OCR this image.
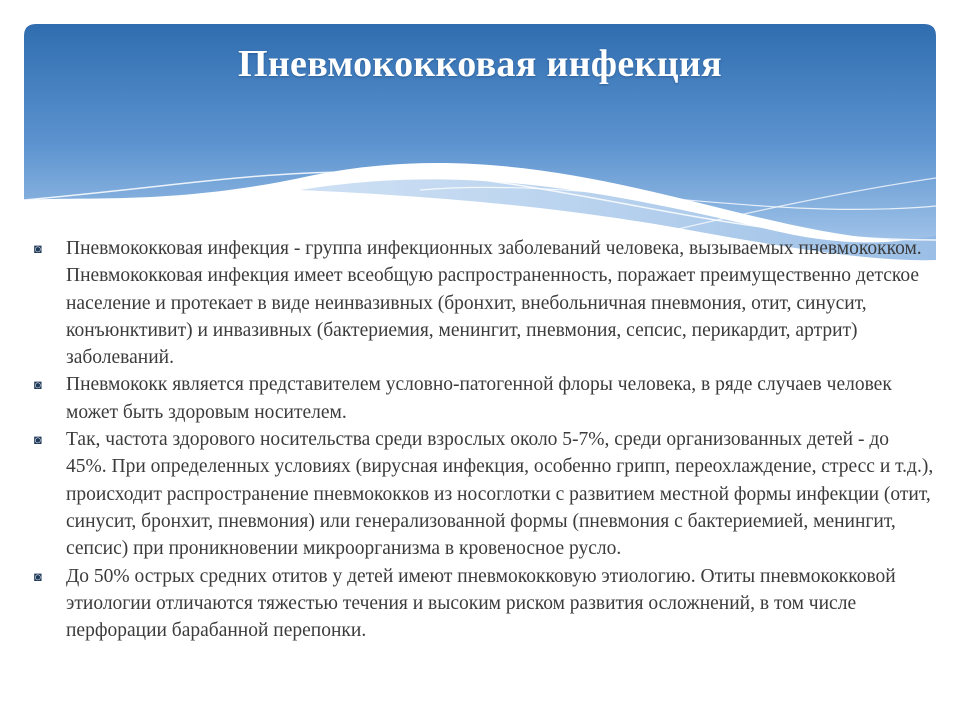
Пневмококковая инфекция
◙	Пневмококковая инфекция - группа инфекционных заболеваний человека, вызываемых пневмококком. Пневмококковая инфекция имеет всеобщую распространенность, поражает преимущественно детское население и протекает в виде неинвазивных (бронхит, внебольничная пневмония, отит, синусит, конъюнктивит) и инвазивных (бактериемия, менингит, пневмония, сепсис, перикардит, артрит) заболеваний.
◙	Пневмококк является представителем условно-патогенной флоры человека, в ряде случаев человек может быть здоровым носителем.
◙	Так, частота здорового носительства среди взрослых около 5-7%, среди организованных детей - до 45%. При определенных условиях (вирусная инфекция, особенно грипп, переохлаждение, стресс и т.д.), происходит распространение пневмококков из носоглотки с развитием местной формы инфекции (отит, синусит, бронхит, пневмония) или генерализованной формы (пневмония с бактериемией, менингит, сепсис) при проникновении микроорганизма в кровеносное русло.
◙	До 50% острых средних отитов у детей имеют пневмококковую этиологию. Отиты пневмококковой этиологии отличаются тяжестью течения и высоким риском развития осложнений, в том числе перфорации барабанной перепонки.
